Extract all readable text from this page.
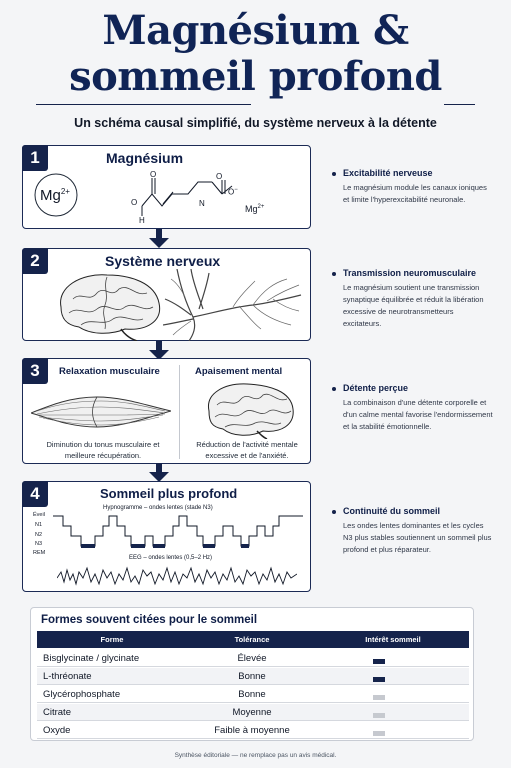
Magnésium &
sommeil profond
Un schéma causal simplifié, du système nerveux à la détente
1	Magnésium
$Mg^{2+}$
O
O
H
N
O
O−
$Mg^{2+}$
2	Système nerveux
3	Relaxation musculaire	Apaisement mental
Diminution du tonus musculaire et meilleure récupération.
Réduction de l'activité mentale excessive et de l'anxiété.
4	Sommeil plus profond
Hypnogramme – ondes lentes (stade N3)
Éveil
N1
N2
N3
REM
EEG – ondes lentes (0,5–2 Hz)
Excitabilité nerveuse
Le magnésium module les canaux ioniques et limite l'hyperexcitabilité neuronale.
Transmission neuromusculaire
Le magnésium soutient une transmission synaptique équilibrée et réduit la libération excessive de neurotransmetteurs excitateurs.
Détente perçue
La combinaison d'une détente corporelle et d'un calme mental favorise l'endormissement et la stabilité émotionnelle.
Continuité du sommeil
Les ondes lentes dominantes et les cycles N3 plus stables soutiennent un sommeil plus profond et plus réparateur.
Formes souvent citées pour le sommeil
Forme	Tolérance	Intérêt sommeil
Bisglycinate / glycinate	Élevée
L-thréonate	Bonne
Glycérophosphate	Bonne
Citrate	Moyenne
Oxyde	Faible à moyenne
Synthèse éditoriale — ne remplace pas un avis médical.
